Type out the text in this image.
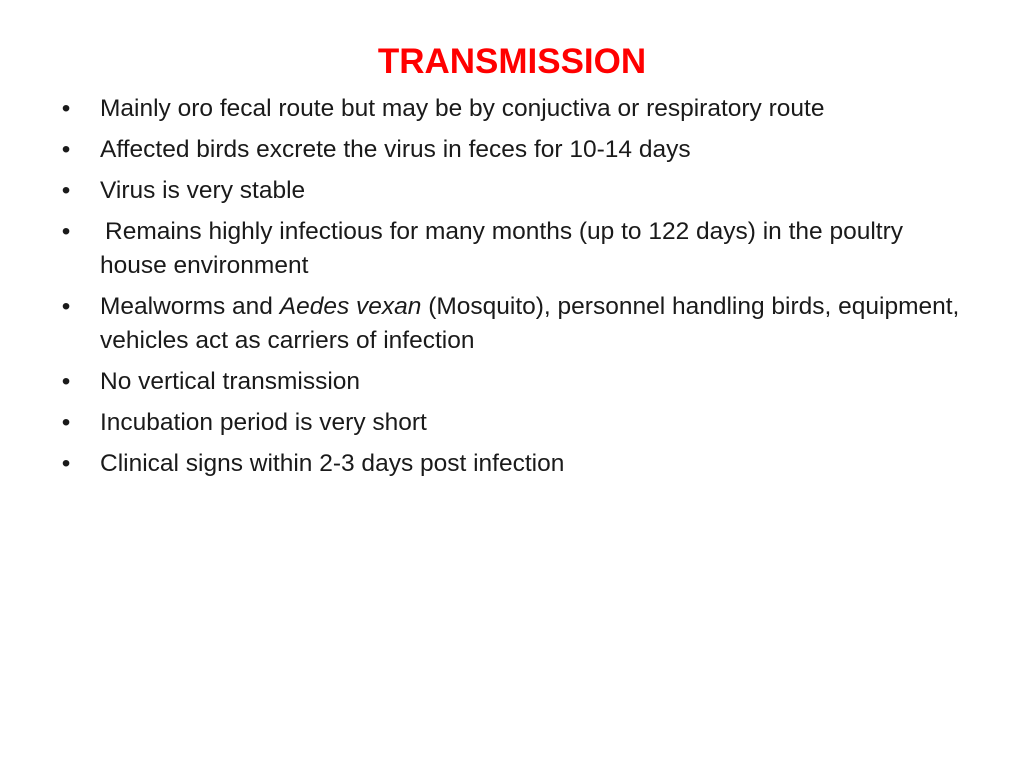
TRANSMISSION
• Mainly oro fecal route but may be by conjuctiva or respiratory route
• Affected birds excrete the virus in feces for 10-14 days
• Virus is very stable
• Remains highly infectious for many months (up to 122 days) in the poultry house environment
• Mealworms and Aedes vexan (Mosquito), personnel handling birds, equipment, vehicles act as carriers of infection
• No vertical transmission
• Incubation period is very short
• Clinical signs within 2-3 days post infection
